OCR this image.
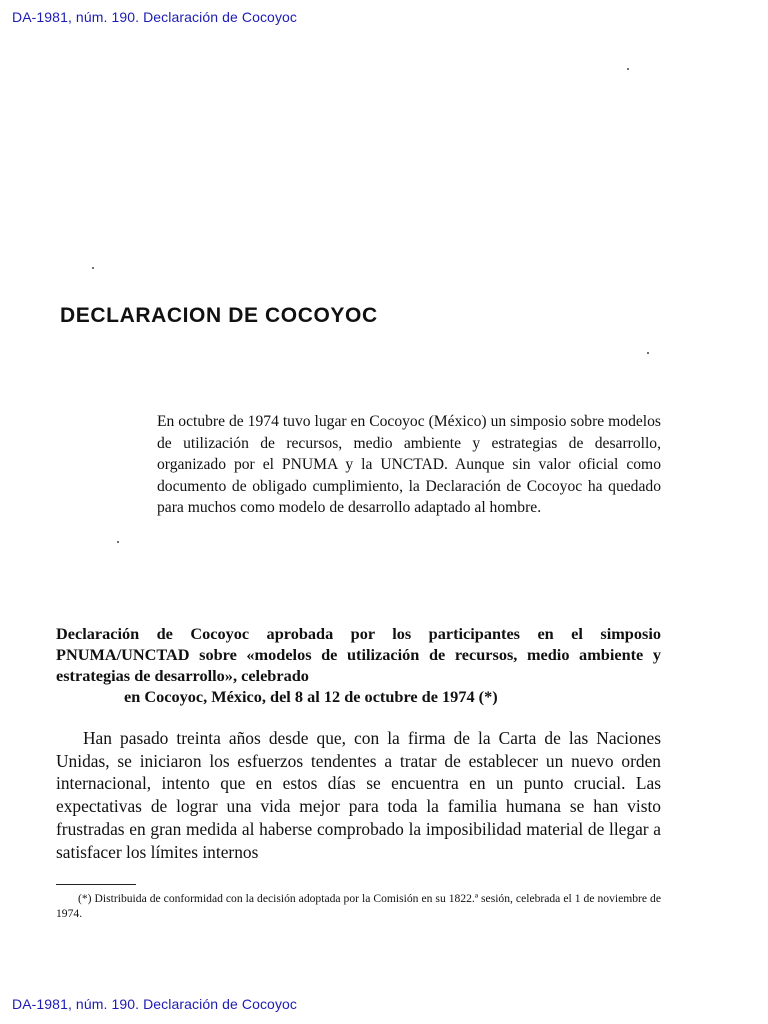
DA-1981, núm. 190. Declaración de Cocoyoc
DECLARACION DE COCOYOC

En octubre de 1974 tuvo lugar en Cocoyoc (México) un simposio sobre modelos de utilización de recursos, medio ambiente y estrategias de desarrollo, organizado por el PNUMA y la UNCTAD. Aunque sin valor oficial como documento de obligado cumplimiento, la Declaración de Cocoyoc ha quedado para muchos como modelo de desarrollo adaptado al hombre.

Declaración de Cocoyoc aprobada por los participantes en el simposio PNUMA/UNCTAD sobre «modelos de utilización de recursos, medio ambiente y estrategias de desarrollo», celebrado
en Cocoyoc, México, del 8 al 12 de octubre de 1974 (*)

Han pasado treinta años desde que, con la firma de la Carta de las Naciones Unidas, se iniciaron los esfuerzos tendentes a tratar de establecer un nuevo orden internacional, intento que en estos días se encuentra en un punto crucial. Las expectativas de lograr una vida mejor para toda la familia humana se han visto frustradas en gran medida al haberse comprobado la imposibilidad material de llegar a satisfacer los límites internos

(*) Distribuida de conformidad con la decisión adoptada por la Comisión en su 1822.ª sesión, celebrada el 1 de noviembre de 1974.

DA-1981, núm. 190. Declaración de Cocoyoc
